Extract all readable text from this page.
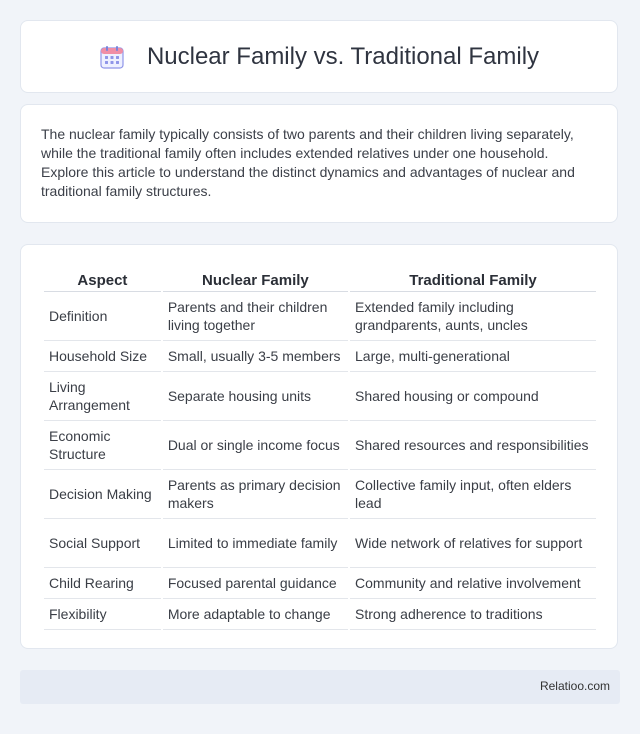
Nuclear Family vs. Traditional Family

The nuclear family typically consists of two parents and their children living separately, while the traditional family often includes extended relatives under one household. Explore this article to understand the distinct dynamics and advantages of nuclear and traditional family structures.

Aspect	Nuclear Family	Traditional Family
Definition	Parents and their children living together	Extended family including grandparents, aunts, uncles
Household Size	Small, usually 3-5 members	Large, multi-generational
Living Arrangement	Separate housing units	Shared housing or compound
Economic Structure	Dual or single income focus	Shared resources and responsibilities
Decision Making	Parents as primary decision makers	Collective family input, often elders lead
Social Support	Limited to immediate family	Wide network of relatives for support
Child Rearing	Focused parental guidance	Community and relative involvement
Flexibility	More adaptable to change	Strong adherence to traditions
Relatioo.com
